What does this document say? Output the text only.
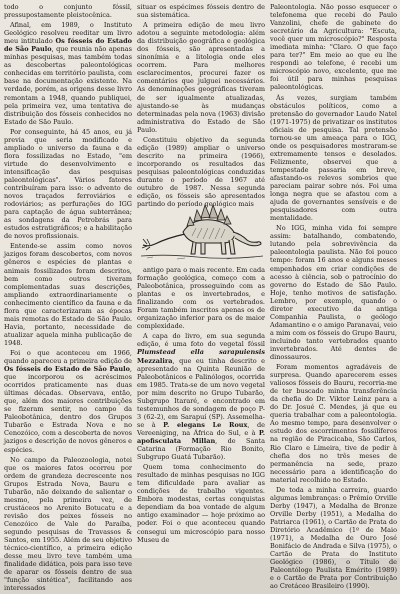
todo o conjunto fóssil, pressupostamente pleistocênica.

Afinal, em 1989, o Instituto Geológico resolveu reeditar um livro meu intitulado Os fósseis do Estado de São Paulo, que reunia não apenas minhas pesquisas, mas também todas as descobertas paleontológicas conhecidas em território paulista, com base na documentação existente. Na verdade, porém, as origens desse livro remontam a 1948, quando publiquei, pela primeira vez, uma tentativa de distribuição dos fósseis conhecidos no Estado de São Paulo.

Por conseguinte, há 45 anos, eu já previa que seria modificado e ampliado o universo da fauna e da flora fossilizadas no Estado, "em virtude do desenvolvimento e intensificação das pesquisas paleontológicas". Vários fatores contribuíram para isso: o advento de novos traçados ferroviários e rodoviários; as perfurações do IGG para captação de água subterrânea; as sondagens da Petrobrás para estudos estratigráficos; e a habilitação de novos profissionais.

Entende-se assim como novos jazigos foram descobertos, com novos gêneros e espécies de plantas e animais fossilizados foram descritos, bem como outros tiveram complementadas suas descrições, ampliando extraordinariamente o conhecimento científico da fauna e da flora que caracterizaram as épocas mais remotas do Estado de São Paulo. Havia, portanto, necessidade de atualizar aquela minha publicação de 1948.

Foi o que aconteceu em 1966, quando apareceu a primeira edição de Os fósseis do Estado de São Paulo, que incorporou os acréscimos ocorridos praticamente nas duas últimas décadas. Observava, então, que, além dos maiores contribuições se fizeram sentir, no campo da Paleobotânica, dentro dos Grupos Tubarão e Estrada Nova e no Cenozóico, com a descoberta de novos jazigos e descrição de novos gêneros e espécies.

No campo da Paleozoologia, notei que os maiores fatos ocorreu por ordem de grandeza decrescente nos Grupos Estrada Nova, Bauru e Tubarão, não deixando de salientar o mesmo, pela primeira vez, de crustáceos no Arenito Botucatu e a revisão dos peixes fósseis no Cenozóico de Vale do Paraíba, segundo pesquisas de Travassos & Santos, em 1955. Além de seu objetivo técnico-científico, a primeira edição desse meu livro teve também uma finalidade didática, pois para isso teve de aparar os fósseis dentro de sua "função sintética", facilitando aos interessados

situar os espécimes fósseis dentro de sua sistemática.

A primeira edição de meu livro adotou a seguinte metodologia: além da distribuição geográfica e geológica dos fósseis, são apresentadas a sinonímia e a litologia onde eles ocorrem. Para melhores esclarecimentos, procurei fazer os comentários que julguei necessários. As denominações geográficas tiveram de ser igualmente atualizadas, ajustando-se às mudanças determinadas pela nova (1963) divisão administrativa do Estado de São Paulo.

Constituiu objetivo da segunda edição (1989) ampliar o universo descrito na primeira (1966), incorporando os resultados das pesquisas paleontológicas conduzidas durante o período de 1967 até outubro de 1987. Nessa segunda edição, os fósseis são apresentados partindo do período geológico mais

antigo para o mais recente. Em cada formação geológica, começo com a Paleobotânica, prosseguindo com as plantas e os invertebrados, e finalizando com os vertebrados. Foram também inscritos apenas os de organização inferior para os de maior complexidade.

A capa do livro, em sua segunda edição, é uma foto do vegetal fóssil Plumstead ella sarapuiensis Mezzalira, que eu tinha descrito e apresentado na Quinta Reunião de Paleobotânicos e Palinólogos, ocorrida em 1985. Trata-se de um novo vegetal por mim descrito no Grupo Tubarão, Subgrupo Itararé, e encontrado em testemunhos de sondagem de poço P-3 (62-2), em Sarapuí (SP). Assemelha-se à P. elegans Le Roux, de Vereeniging, na África do Sul, e à P. apofisculata Millan, de Santa Catarina (Formação Rio Bonito, Subgrupo Guatá Tubarão).

Quem toma conhecimento do resultado de minhas pesquisas no IGG tem dificuldade para avaliar as condições de trabalho vigentes. Embora modestas, certas conquistas dependiam da boa vontade de algum antigo examinador — hoje próximo ao poder. Foi o que aconteceu quando consegui um microscópio para nosso Museu de

Paleontologia. Não posso esquecer o telefonema que recebi do Paulo Vanzolini, chefe de gabinete do secretário da Agricultura: "Escuta, você quer um microscópio?" Resposta imediata minha: "Claro. O que faço para ter?" Em meio ao que eu lhe respondi ao telefone, é recebi um microscópio novo, excelente, que me foi útil para minhas pesquisas paleontológicas.

Às vezes, surgiam também obstáculos políticos, como a pretensão do governador Laudo Natel (1971-1975) de privatizar os institutos oficiais de pesquisa. Tal pretensão tornou-se um ameaça para o IGG, onde os pesquisadores mostraram-se extremamente tensos e desolados. Felizmente, observei que a tempestade passaria em breve, afastando-os relevos sombrios que pareciam pairar sobre nós. Foi uma longa negra que se afastou com a ajuda de governantes sensíveis e de pesquisadores com outra mentalidade.

No IGG, minha vida foi sempre assim: batalhando, combatendo, lutando pela sobrevivência da paleontologia paulista. Não foi pouco tempo: foram 16 anos e alguns meses empenhados em criar condições de acesso à ciência, sob o patrocínio do governo do Estado de São Paulo. Hoje, tenho motivos de satisfação. Lembro, por exemplo, quando o diretor executivo da antiga Companhia Paulista, o geólogo Adamantino e o amigo Paranavai, veio a mim com os fósseis do Grupo Bauru, incluindo tanto vertebrados quanto invertebrados. Até dentes de dinossauros.

Foram momentos agradáveis de surpresa. Quando aparecerem esses valiosos fósseis do Bauru, recorria-me de ter buscado minha transferência da chefia do Dr. Viktor Leinz para a do Dr. Josué C. Mendes, já que eu queria trabalhar com a paleontologia. Ao mesmo tempo, para desenvolver o estudo dos escorrimentos fossilíferos na região de Piracicaba, São Carlos, Rio Claro e Limeira, tive de pedir à chefia dos no três meses de permanência na sede, prazo necessário para a identificação do material recolhido no Estado.

De toda a minha carreira, guardo algumas lembranças: o Prêmio Orville Derby (1947), a Medalha de Bronze Orville Derby (1951), a Medalha do Patriarca (1961), o Cartão de Prata do Diretório Acadêmico (1º de Maio (1971), a Medalha de Ouro José Bonifácio de Andrada e Silva (1975), o Cartão de Prata do Instituto Geológico (1986), o Título de Paleontólogo Paulista Emérito (1989) e o Cartão de Prata por Contribuição ao Cretáceo Brasileiro (1990).
